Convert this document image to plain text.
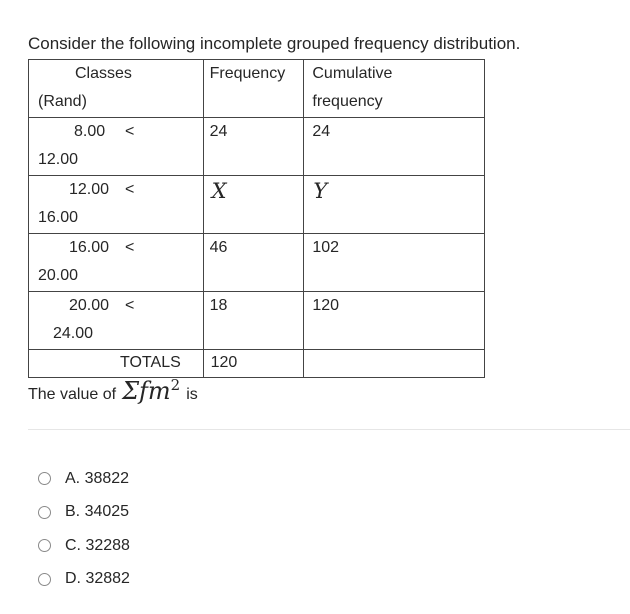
Consider the following incomplete grouped frequency distribution.
Classes
(Rand)	Frequency	Cumulative
frequency

8.00 <
12.00	24	24

12.00 <
16.00	X	Y

16.00 <
20.00	46	102

20.00 <
24.00	18	120

TOTALS	120	

The value of Σfm$^2$
is
A. 38822
B. 34025
C. 32288
D. 32882
